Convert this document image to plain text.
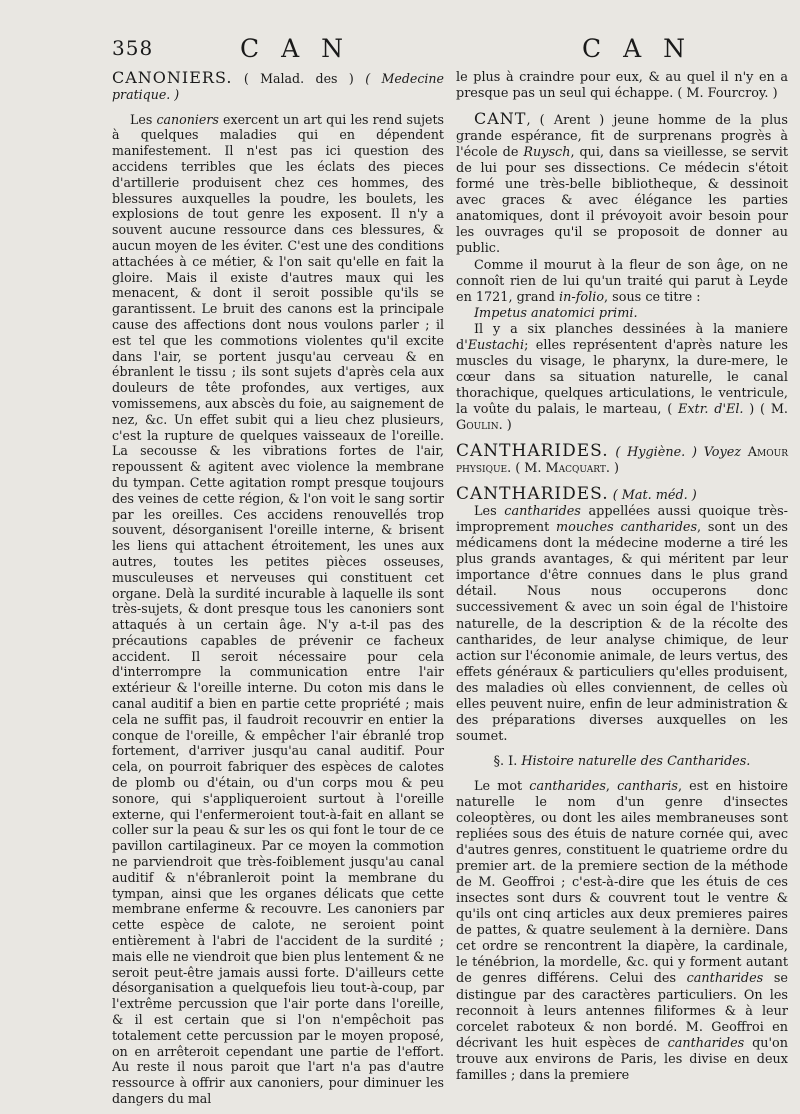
358	C A N	C A N

CANONIERS. ( Malad. des ) ( Medecine pratique. )

Les canoniers exercent un art qui les rend sujets à quelques maladies qui en dépendent manifestement. Il n'est pas ici question des accidens terribles que les éclats des pieces d'artillerie produisent chez ces hommes, des blessures auxquelles la poudre, les boulets, les explosions de tout genre les exposent. Il n'y a souvent aucune ressource dans ces blessures, & aucun moyen de les éviter. C'est une des conditions attachées à ce métier, & l'on sait qu'elle en fait la gloire. Mais il existe d'autres maux qui les menacent, & dont il seroit possible qu'ils se garantissent. Le bruit des canons est la principale cause des affections dont nous voulons parler ; il est tel que les commotions violentes qu'il excite dans l'air, se portent jusqu'au cerveau & en ébranlent le tissu ; ils sont sujets d'après cela aux douleurs de tête profondes, aux vertiges, aux vomissemens, aux abscès du foie, au saignement de nez, &c. Un effet subit qui a lieu chez plusieurs, c'est la rupture de quelques vaisseaux de l'oreille. La secousse & les vibrations fortes de l'air, repoussent & agitent avec violence la membrane du tympan. Cette agitation rompt presque toujours des veines de cette région, & l'on voit le sang sortir par les oreilles. Ces accidens renouvellés trop souvent, désorganisent l'oreille interne, & brisent les liens qui attachent étroitement, les unes aux autres, toutes les petites pièces osseuses, musculeuses et nerveuses qui constituent cet organe. Delà la surdité incurable à laquelle ils sont très-sujets, & dont presque tous les canoniers sont attaqués à un certain âge. N'y a-t-il pas des précautions capables de prévenir ce facheux accident. Il seroit nécessaire pour cela d'interrompre la communication entre l'air extérieur & l'oreille interne. Du coton mis dans le canal auditif a bien en partie cette propriété ; mais cela ne suffit pas, il faudroit recouvrir en entier la conque de l'oreille, & empêcher l'air ébranlé trop fortement, d'arriver jusqu'au canal auditif. Pour cela, on pourroit fabriquer des espèces de calotes de plomb ou d'étain, ou d'un corps mou & peu sonore, qui s'appliqueroient surtout à l'oreille externe, qui l'enfermeroient tout-à-fait en allant se coller sur la peau & sur les os qui font le tour de ce pavillon cartilagineux. Par ce moyen la commotion ne parviendroit que très-foiblement jusqu'au canal auditif & n'ébranleroit point la membrane du tympan, ainsi que les organes délicats que cette membrane enferme & recouvre. Les canoniers par cette espèce de calote, ne seroient point entièrement à l'abri de l'accident de la surdité ; mais elle ne viendroit que bien plus lentement & ne seroit peut-être jamais aussi forte. D'ailleurs cette désorganisation a quelquefois lieu tout-à-coup, par l'extrême percussion que l'air porte dans l'oreille, & il est certain que si l'on n'empêchoit pas totalement cette percussion par le moyen proposé, on en arrêteroit cependant une partie de l'effort. Au reste il nous paroit que l'art n'a pas d'autre ressource à offrir aux canoniers, pour diminuer les dangers du mal

le plus à craindre pour eux, & au quel il n'y en a presque pas un seul qui échappe. ( M. Fourcroy. )

CANT, ( Arent ) jeune homme de la plus grande espérance, fit de surprenans progrès à l'école de Ruysch, qui, dans sa vieillesse, se servit de lui pour ses dissections. Ce médecin s'étoit formé une très-belle bibliotheque, & dessinoit avec graces & avec élégance les parties anatomiques, dont il prévoyoit avoir besoin pour les ouvrages qu'il se proposoit de donner au public.

Comme il mourut à la fleur de son âge, on ne connoît rien de lui qu'un traité qui parut à Leyde en 1721, grand in-folio, sous ce titre :

Impetus anatomici primi.

Il y a six planches dessinées à la maniere d'Eustachi; elles représentent d'après nature les muscles du visage, le pharynx, la dure-mere, le cœur dans sa situation naturelle, le canal thorachique, quelques articulations, le ventricule, la voûte du palais, le marteau, ( Extr. d'El. ) ( M. Goulin. )

CANTHARIDES. ( Hygiène. ) Voyez Amour physique. ( M. Macquart. )

CANTHARIDES. ( Mat. méd. )

Les cantharides appellées aussi quoique très-improprement mouches cantharides, sont un des médicamens dont la médecine moderne a tiré les plus grands avantages, & qui méritent par leur importance d'être connues dans le plus grand détail. Nous nous occuperons donc successivement & avec un soin égal de l'histoire naturelle, de la description & de la récolte des cantharides, de leur analyse chimique, de leur action sur l'économie animale, de leurs vertus, des effets généraux & particuliers qu'elles produisent, des maladies où elles conviennent, de celles où elles peuvent nuire, enfin de leur administration & des préparations diverses auxquelles on les soumet.

§. I. Histoire naturelle des Cantharides.

Le mot cantharides, cantharis, est en histoire naturelle le nom d'un genre d'insectes coleoptères, ou dont les ailes membraneuses sont repliées sous des étuis de nature cornée qui, avec d'autres genres, constituent le quatrieme ordre du premier art. de la premiere section de la méthode de M. Geoffroi ; c'est-à-dire que les étuis de ces insectes sont durs & couvrent tout le ventre & qu'ils ont cinq articles aux deux premieres paires de pattes, & quatre seulement à la dernière. Dans cet ordre se rencontrent la diapère, la cardinale, le ténébrion, la mordelle, &c. qui y forment autant de genres différens. Celui des cantharides se distingue par des caractères particuliers. On les reconnoit à leurs antennes filiformes & à leur corcelet raboteux & non bordé. M. Geoffroi en décrivant les huit espèces de cantharides qu'on trouve aux environs de Paris, les divise en deux familles ; dans la premiere
